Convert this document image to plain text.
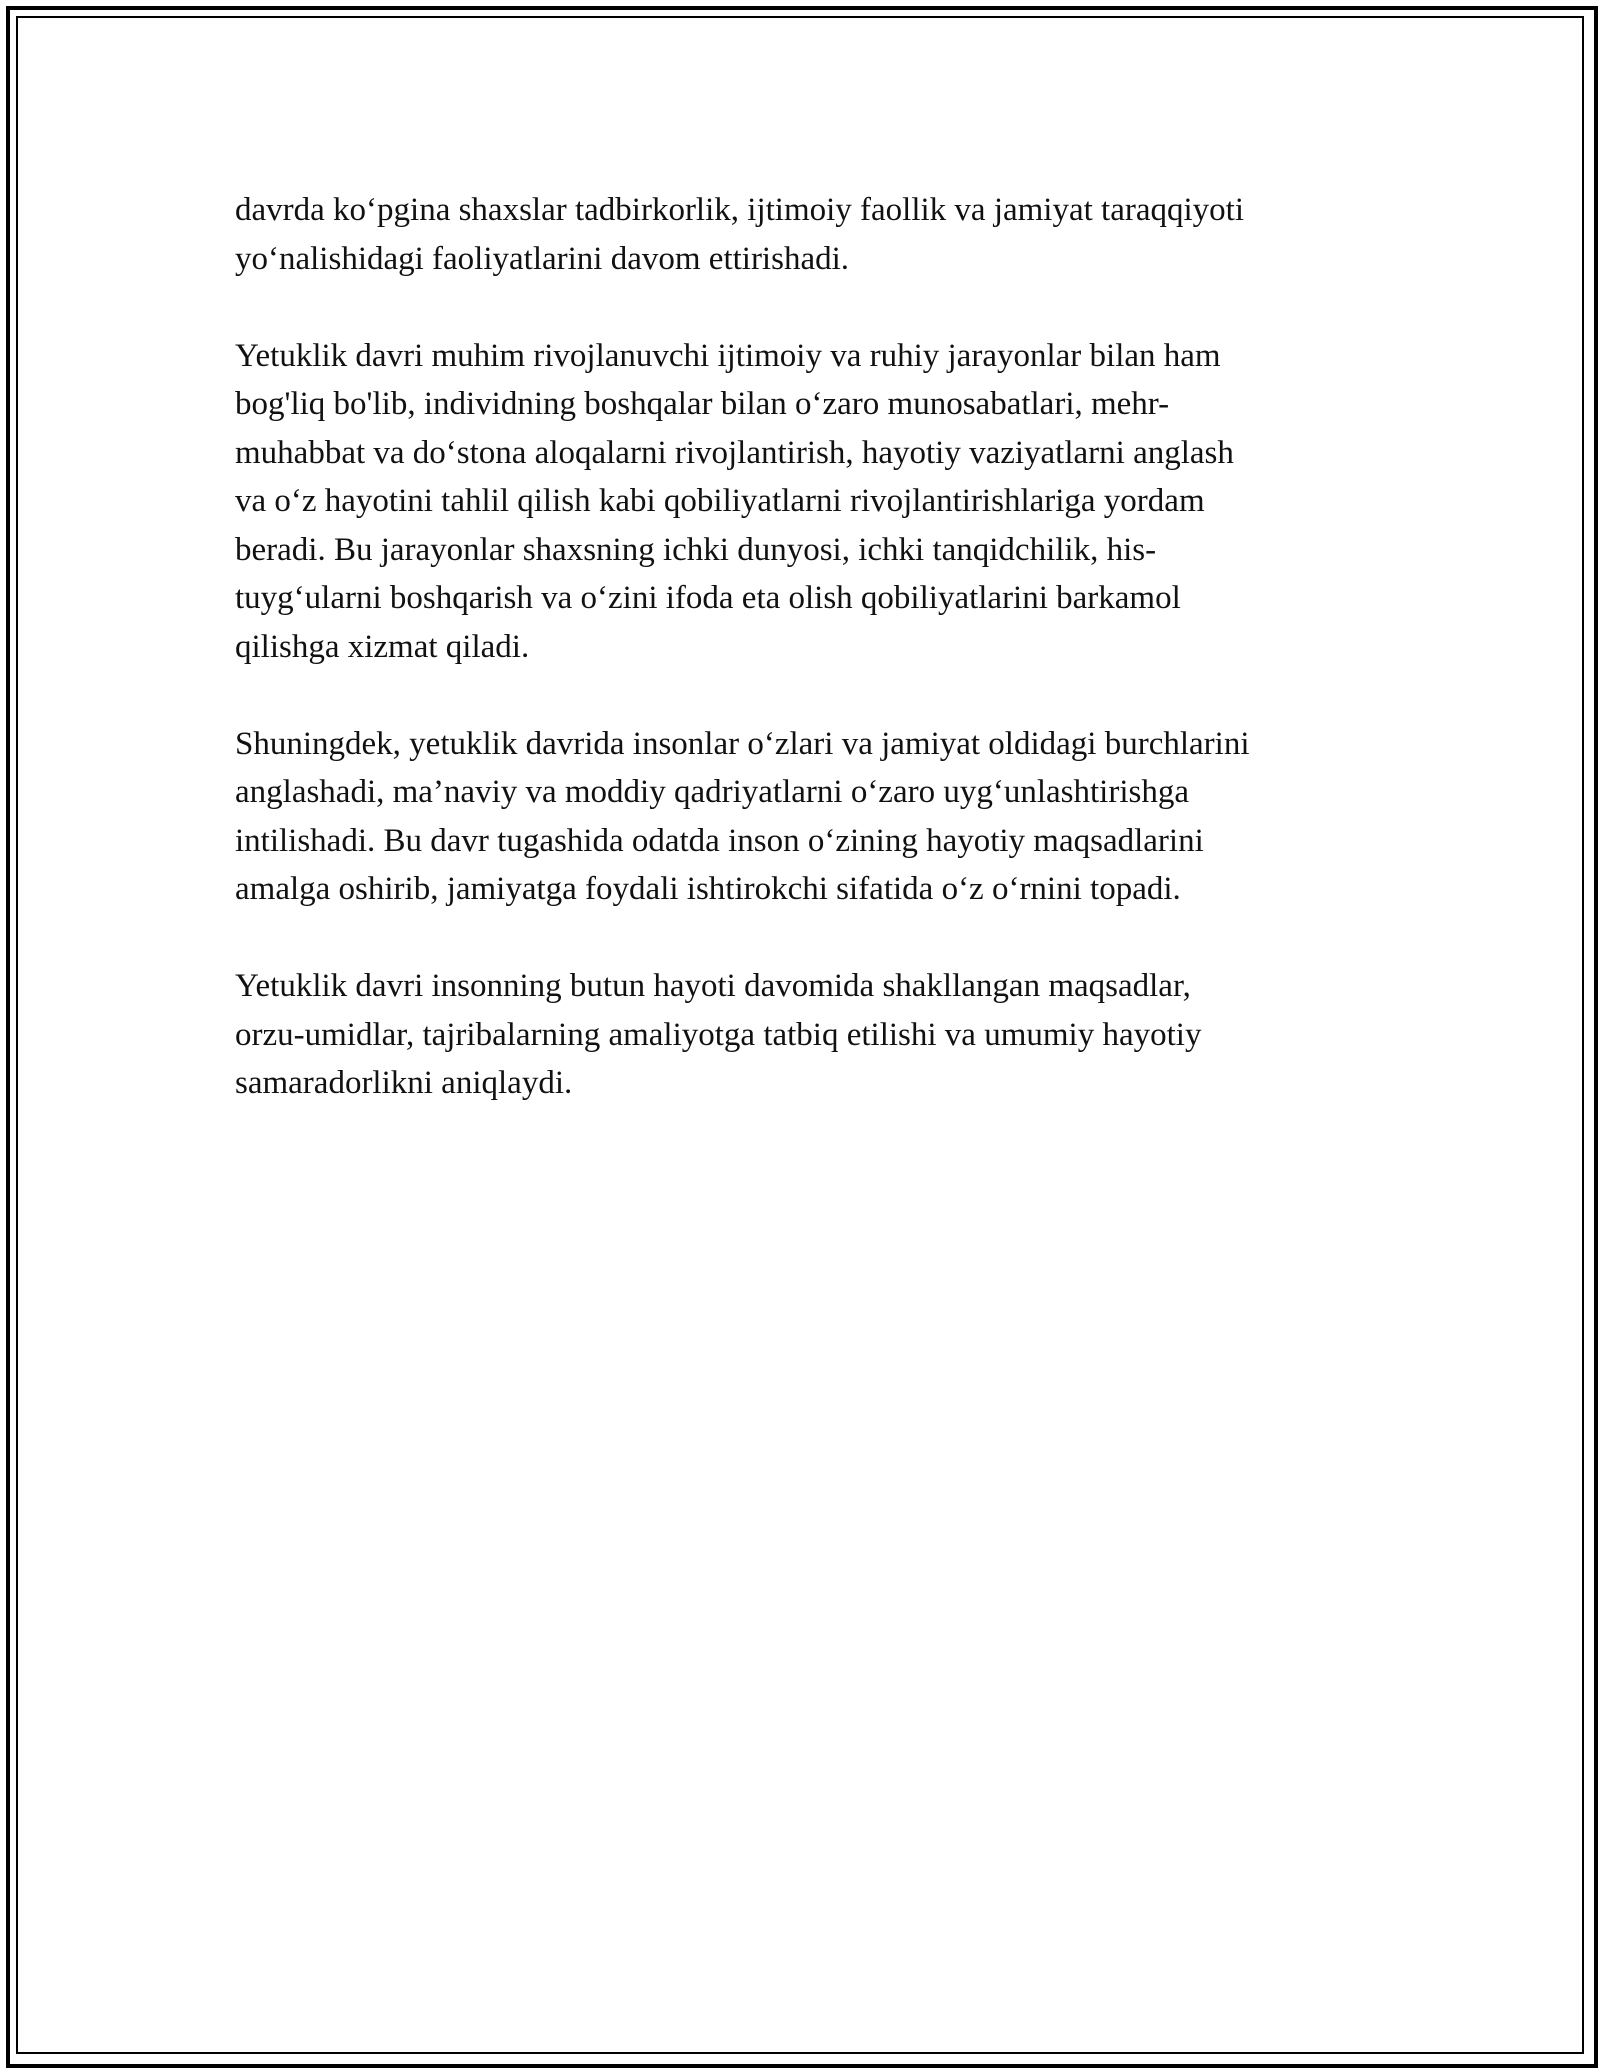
davrda ko‘pgina shaxslar tadbirkorlik, ijtimoiy faollik va jamiyat taraqqiyoti
yo‘nalishidagi faoliyatlarini davom ettirishadi.

Yetuklik davri muhim rivojlanuvchi ijtimoiy va ruhiy jarayonlar bilan ham
bog'liq bo'lib, individning boshqalar bilan o‘zaro munosabatlari, mehr-
muhabbat va do‘stona aloqalarni rivojlantirish, hayotiy vaziyatlarni anglash
va o‘z hayotini tahlil qilish kabi qobiliyatlarni rivojlantirishlariga yordam
beradi. Bu jarayonlar shaxsning ichki dunyosi, ichki tanqidchilik, his-
tuyg‘ularni boshqarish va o‘zini ifoda eta olish qobiliyatlarini barkamol
qilishga xizmat qiladi.

Shuningdek, yetuklik davrida insonlar o‘zlari va jamiyat oldidagi burchlarini
anglashadi, ma’naviy va moddiy qadriyatlarni o‘zaro uyg‘unlashtirishga
intilishadi. Bu davr tugashida odatda inson o‘zining hayotiy maqsadlarini
amalga oshirib, jamiyatga foydali ishtirokchi sifatida o‘z o‘rnini topadi.

Yetuklik davri insonning butun hayoti davomida shakllangan maqsadlar,
orzu-umidlar, tajribalarning amaliyotga tatbiq etilishi va umumiy hayotiy
samaradorlikni aniqlaydi.
